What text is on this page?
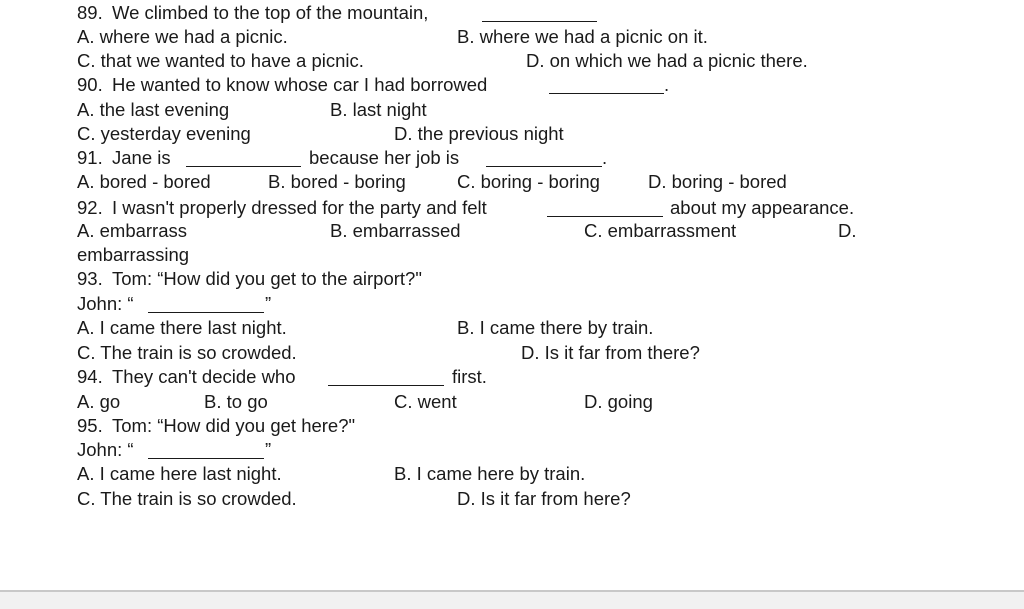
89. We climbed to the top of the mountain,
A. where we had a picnic.	B. where we had a picnic on it.
C. that we wanted to have a picnic.	D. on which we had a picnic there.
90. He wanted to know whose car I had borrowed	.
A. the last evening	B. last night
C. yesterday evening	D. the previous night
91. Jane is	because her job is	.
A. bored - bored	B. bored - boring	C. boring - boring	D. boring - bored
92. I wasn't properly dressed for the party and felt	about my appearance.
A. embarrass	B. embarrassed	C. embarrassment	D.
embarrassing
93. Tom: “How did you get to the airport?"
John: “	”
A. I came there last night.	B. I came there by train.
C. The train is so crowded.	D. Is it far from there?
94. They can't decide who	first.
A. go	B. to go	C. went	D. going
95. Tom: “How did you get here?"
John: “	”
A. I came here last night.	B. I came here by train.
C. The train is so crowded.	D. Is it far from here?
